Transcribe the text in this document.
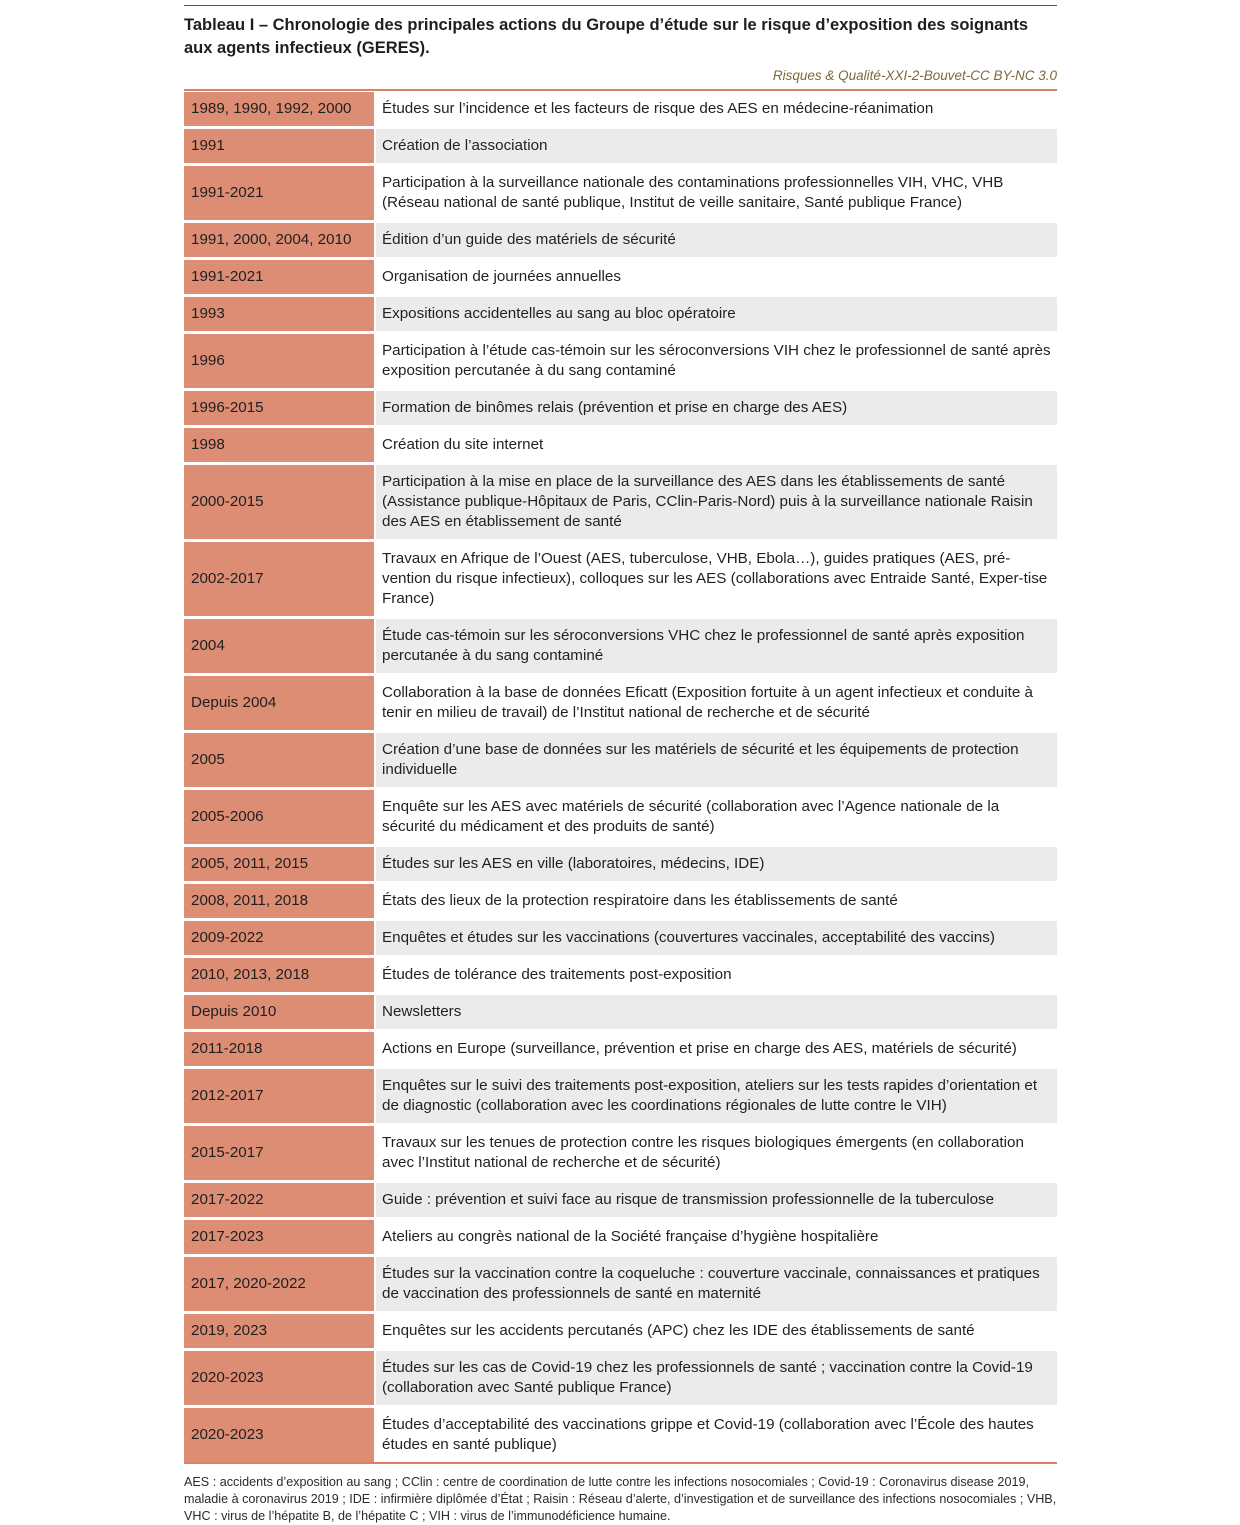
Tableau I – Chronologie des principales actions du Groupe d’étude sur le risque d’exposition des soignants aux agents infectieux (GERES).
Risques & Qualité-XXI-2-Bouvet-CC BY-NC 3.0
1989, 1990, 1992, 2000	Études sur l’incidence et les facteurs de risque des AES en médecine-réanimation
1991	Création de l’association
1991-2021	Participation à la surveillance nationale des contaminations professionnelles VIH, VHC, VHB (Réseau national de santé publique, Institut de veille sanitaire, Santé publique France)
1991, 2000, 2004, 2010	Édition d’un guide des matériels de sécurité
1991-2021	Organisation de journées annuelles
1993	Expositions accidentelles au sang au bloc opératoire
1996	Participation à l’étude cas-témoin sur les séroconversions VIH chez le professionnel de santé après exposition percutanée à du sang contaminé
1996-2015	Formation de binômes relais (prévention et prise en charge des AES)
1998	Création du site internet
2000-2015	Participation à la mise en place de la surveillance des AES dans les établissements de santé (Assistance publique-Hôpitaux de Paris, CClin-Paris-Nord) puis à la surveillance nationale Raisin des AES en établissement de santé
2002-2017	Travaux en Afrique de l’Ouest (AES, tuberculose, VHB, Ebola…), guides pratiques (AES, pré-vention du risque infectieux), colloques sur les AES (collaborations avec Entraide Santé, Exper-tise France)
2004	Étude cas-témoin sur les séroconversions VHC chez le professionnel de santé après exposition percutanée à du sang contaminé
Depuis 2004	Collaboration à la base de données Eficatt (Exposition fortuite à un agent infectieux et conduite à tenir en milieu de travail) de l’Institut national de recherche et de sécurité
2005	Création d’une base de données sur les matériels de sécurité et les équipements de protection individuelle
2005-2006	Enquête sur les AES avec matériels de sécurité (collaboration avec l’Agence nationale de la sécurité du médicament et des produits de santé)
2005, 2011, 2015	Études sur les AES en ville (laboratoires, médecins, IDE)
2008, 2011, 2018	États des lieux de la protection respiratoire dans les établissements de santé
2009-2022	Enquêtes et études sur les vaccinations (couvertures vaccinales, acceptabilité des vaccins)
2010, 2013, 2018	Études de tolérance des traitements post-exposition
Depuis 2010	Newsletters
2011-2018	Actions en Europe (surveillance, prévention et prise en charge des AES, matériels de sécurité)
2012-2017	Enquêtes sur le suivi des traitements post-exposition, ateliers sur les tests rapides d’orientation et de diagnostic (collaboration avec les coordinations régionales de lutte contre le VIH)
2015-2017	Travaux sur les tenues de protection contre les risques biologiques émergents (en collaboration avec l’Institut national de recherche et de sécurité)
2017-2022	Guide : prévention et suivi face au risque de transmission professionnelle de la tuberculose
2017-2023	Ateliers au congrès national de la Société française d’hygiène hospitalière
2017, 2020-2022	Études sur la vaccination contre la coqueluche : couverture vaccinale, connaissances et pratiques de vaccination des professionnels de santé en maternité
2019, 2023	Enquêtes sur les accidents percutanés (APC) chez les IDE des établissements de santé
2020-2023	Études sur les cas de Covid-19 chez les professionnels de santé ; vaccination contre la Covid-19 (collaboration avec Santé publique France)
2020-2023	Études d’acceptabilité des vaccinations grippe et Covid-19 (collaboration avec l’École des hautes études en santé publique)
AES : accidents d’exposition au sang ; CClin : centre de coordination de lutte contre les infections nosocomiales ; Covid-19 : Coronavirus disease 2019, maladie à coronavirus 2019 ; IDE : infirmière diplômée d’État ; Raisin : Réseau d’alerte, d’investigation et de surveillance des infections nosocomiales ; VHB, VHC : virus de l’hépatite B, de l’hépatite C ; VIH : virus de l’immunodéficience humaine.
